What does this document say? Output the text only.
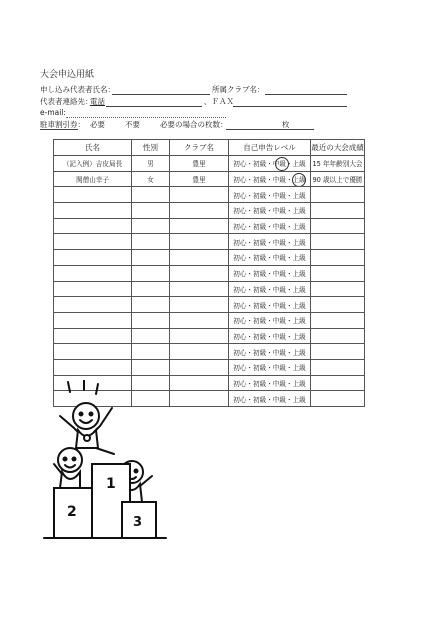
大会申込用紙
申し込み代表者氏名：	所属クラブ名：
代表者連絡先：
電話	、ＦＡＸ
e-mail:
駐車割引券： 必要	不要	必要の場合の枚数：	枚
氏名	性別	クラブ名	自己申告レベル	最近の大会成績
（記入例）吉皮局長	男	豊里	初心・初級・中級・上級	15 年年齢別大会
関僧山幸子	女	豊里	初心・初級・中級・上級	90 歳以上で優勝
			初心・初級・中級・上級	
			初心・初級・中級・上級	
			初心・初級・中級・上級	
			初心・初級・中級・上級	
			初心・初級・中級・上級	
			初心・初級・中級・上級	
			初心・初級・中級・上級	
			初心・初級・中級・上級	
			初心・初級・中級・上級	
			初心・初級・中級・上級	
			初心・初級・中級・上級	
			初心・初級・中級・上級	
			初心・初級・中級・上級	
			初心・初級・中級・上級	
1
2
3
